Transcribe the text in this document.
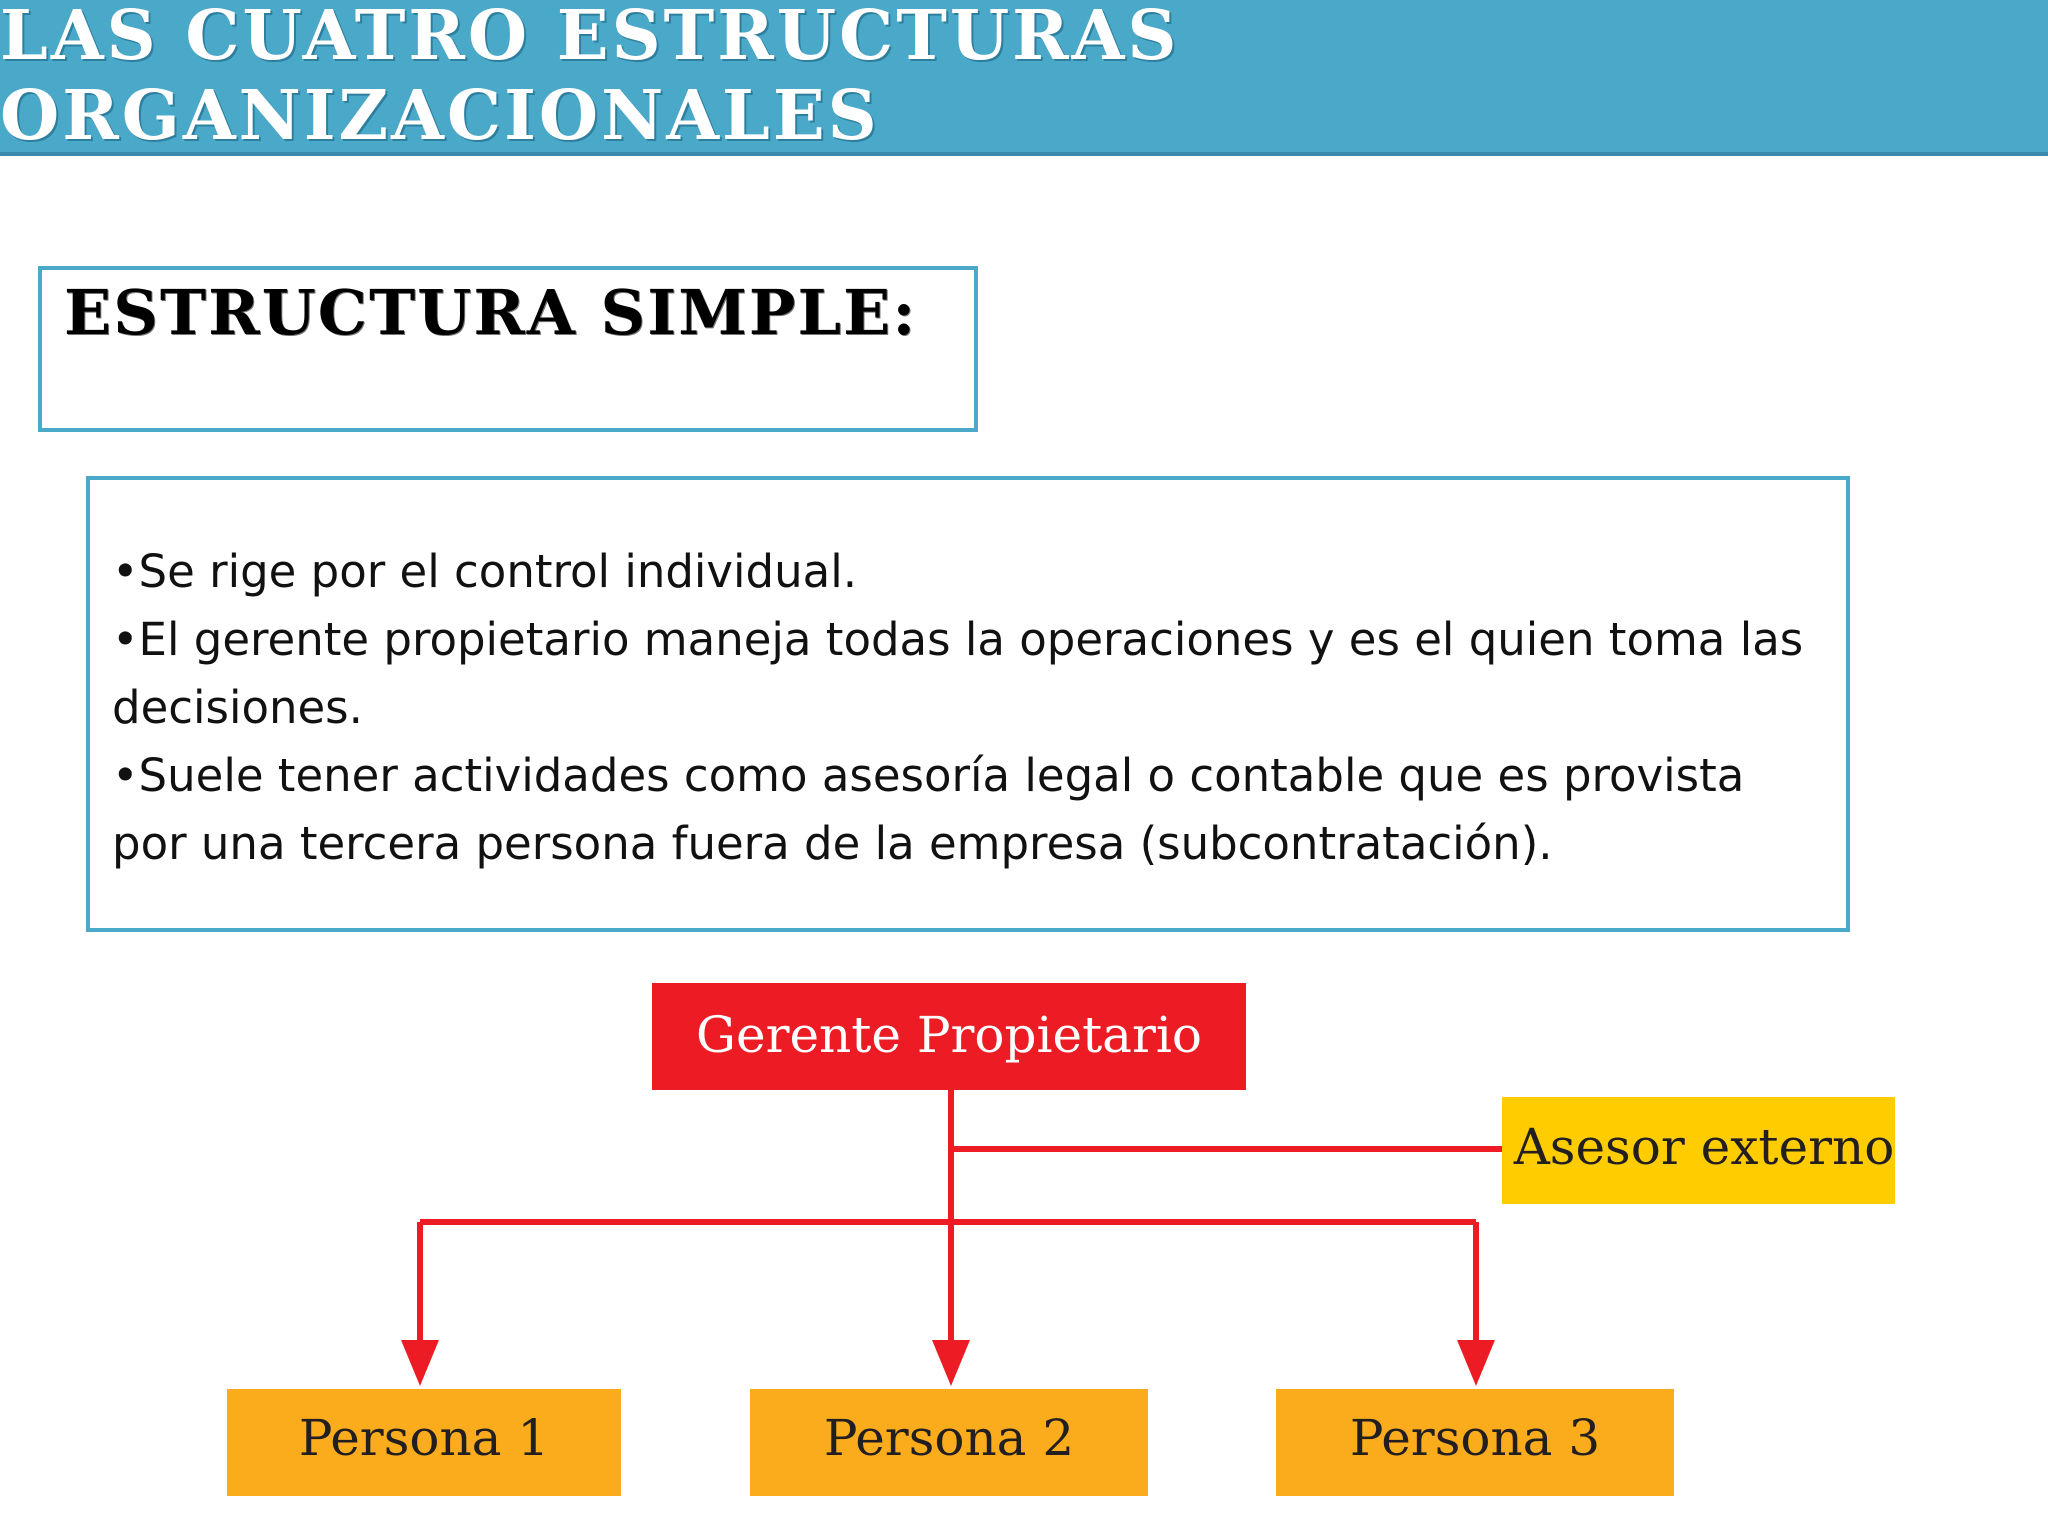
LAS CUATRO ESTRUCTURAS ORGANIZACIONALES
ESTRUCTURA SIMPLE:

•Se rige por el control individual.

•El gerente propietario maneja todas la operaciones y es el quien toma las decisiones.

•Suele tener actividades como asesoría legal o contable que es provista por una tercera persona fuera de la empresa (subcontratación).

Gerente Propietario
Asesor externo
Persona 1	Persona 2	Persona 3
